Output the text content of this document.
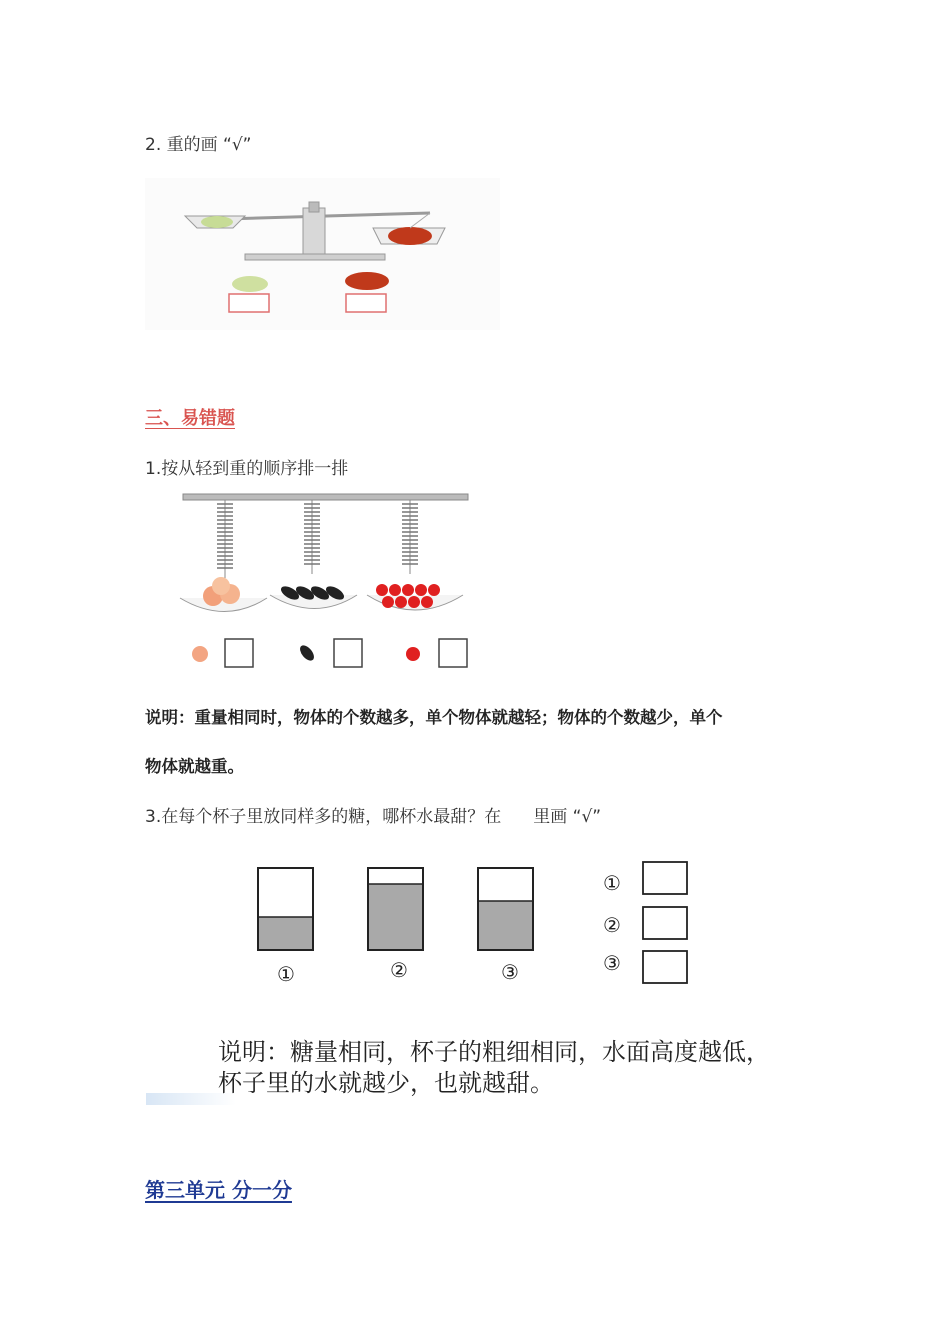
2. 重的画 “√”
三、易错题
1.按从轻到重的顺序排一排
说明：重量相同时，物体的个数越多，单个物体就越轻；物体的个数越少，单个
物体就越重。
3.在每个杯子里放同样多的糖，哪杯水最甜？在 里画 “√”
①	②	③
①
②
③
说明：糖量相同，杯子的粗细相同，水面高度越低，
杯子里的水就越少，也就越甜。
第三单元 分一分
